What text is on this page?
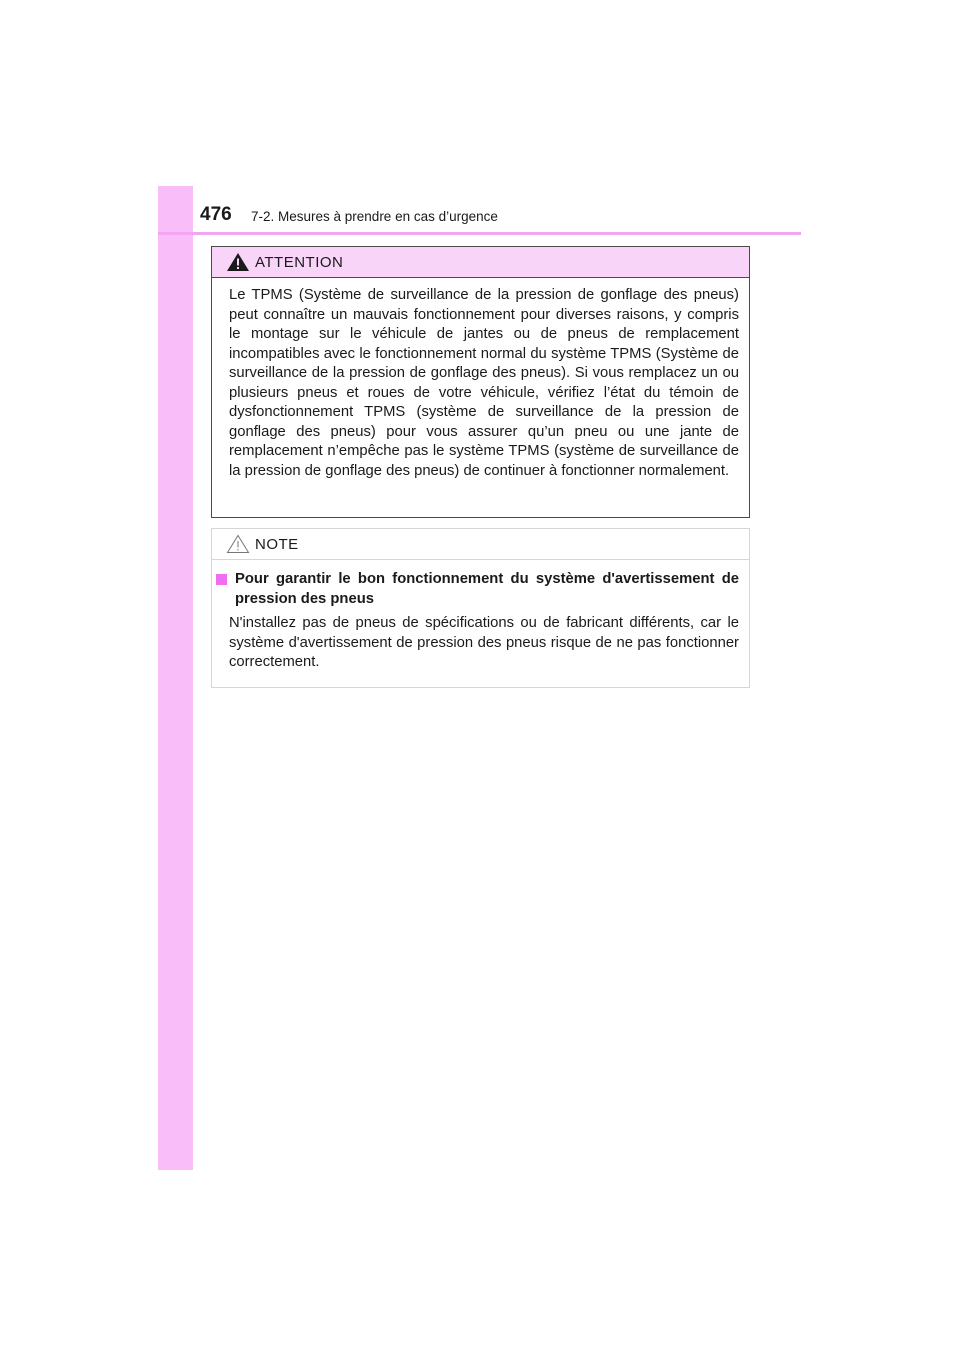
476 7-2. Mesures à prendre en cas d’urgence
ATTENTION
Le TPMS (Système de surveillance de la pression de gonflage des pneus) peut connaître un mauvais fonctionnement pour diverses raisons, y compris le montage sur le véhicule de jantes ou de pneus de remplacement incompatibles avec le fonctionnement normal du système TPMS (Système de surveillance de la pression de gonflage des pneus). Si vous remplacez un ou plusieurs pneus et roues de votre véhicule, vérifiez l’état du témoin de dysfonctionnement TPMS (système de surveillance de la pression de gonflage des pneus) pour vous assurer qu’un pneu ou une jante de remplacement n’empêche pas le système TPMS (système de surveillance de la pression de gonflage des pneus) de continuer à fonctionner normalement.
NOTE
Pour garantir le bon fonctionnement du système d'avertissement de pression des pneus
N'installez pas de pneus de spécifications ou de fabricant différents, car le système d'avertissement de pression des pneus risque de ne pas fonctionner correctement.
